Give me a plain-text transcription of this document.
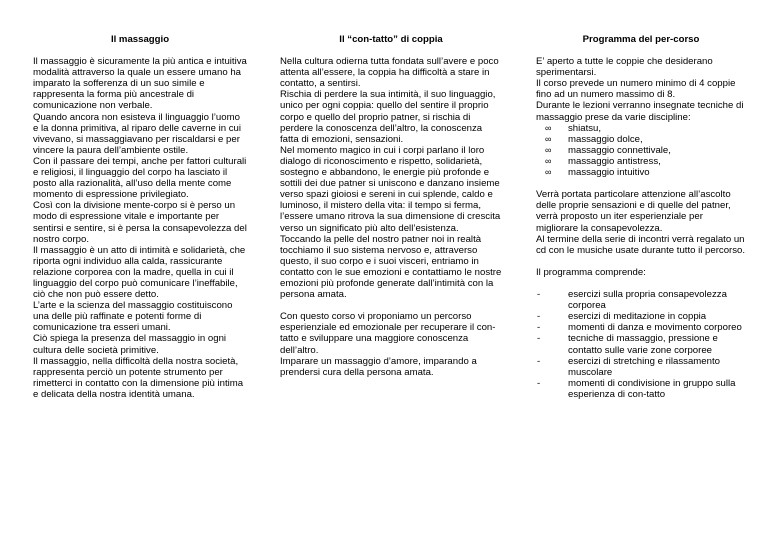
Il massaggio

Il massaggio è sicuramente la più antica e intuitiva modalità attraverso la quale un essere umano ha imparato la sofferenza di un suo simile e rappresenta la forma più ancestrale di comunicazione non verbale.
Quando ancora non esisteva il linguaggio l’uomo e la donna primitiva, al riparo delle caverne in cui vivevano, si massaggiavano per riscaldarsi e per vincere la paura dell’ambiente ostile.
Con il passare dei tempi, anche per fattori culturali e religiosi, il linguaggio del corpo ha lasciato il posto alla razionalità, all’uso della mente come momento di espressione privilegiato.
Così con la divisione mente-corpo si è perso un modo di espressione vitale e importante per sentirsi e sentire, si è persa la consapevolezza del nostro corpo.
Il massaggio è un atto di intimità e solidarietà, che riporta ogni individuo alla calda, rassicurante relazione corporea con la madre, quella in cui il linguaggio del corpo può comunicare l’ineffabile, ciò che non può essere detto.
L’arte e la scienza del massaggio costituiscono una delle più raffinate e potenti forme di comunicazione tra esseri umani.
Ciò spiega la presenza del massaggio in ogni cultura delle società primitive.
Il massaggio, nella difficoltà della nostra società, rappresenta perciò un potente strumento per rimetterci in contatto con la dimensione più intima e delicata della nostra identità umana.

Il “con-tatto” di coppia

Nella cultura odierna tutta fondata sull’avere e poco attenta all’essere, la coppia ha difficoltà a stare in contatto, a sentirsi.
Rischia di perdere la sua intimità, il suo linguaggio, unico per ogni coppia: quello del sentire il proprio corpo e quello del proprio patner, si rischia di perdere la conoscenza dell’altro, la conoscenza fatta di emozioni, sensazioni.
Nel momento magico in cui i corpi parlano il loro dialogo di riconoscimento e rispetto, solidarietà, sostegno e abbandono, le energie più profonde e sottili dei due patner si uniscono e danzano insieme verso spazi gioiosi e sereni in cui splende, caldo e luminoso, il mistero della vita: il tempo si ferma, l’essere umano ritrova la sua dimensione di crescita verso un significato più alto dell’esistenza.
Toccando la pelle del nostro patner noi in realtà tocchiamo il suo sistema nervoso e, attraverso questo, il suo corpo e i suoi visceri, entriamo in contatto con le sue emozioni e contattiamo le nostre emozioni più profonde generate dall’intimità con la persona amata.

Con questo corso vi proponiamo un percorso esperienziale ed emozionale per recuperare il con-tatto e sviluppare una maggiore conoscenza dell’altro.
Imparare un massaggio d’amore, imparando a prendersi cura della persona amata.

Programma del per-corso

E’ aperto a tutte le coppie che desiderano sperimentarsi.
Il corso prevede un numero minimo di 4 coppie fino ad un numero massimo di 8.
Durante le lezioni verranno insegnate tecniche di massaggio prese da varie discipline:

∞ shiatsu,
∞ massaggio dolce,
∞ massaggio connettivale,
∞ massaggio antistress,
∞ massaggio intuitivo

Verrà portata particolare attenzione all’ascolto delle proprie sensazioni e di quelle del patner, verrà proposto un iter esperienziale per migliorare la consapevolezza.
Al termine della serie di incontri verrà regalato un cd con le musiche usate durante tutto il percorso.

Il programma comprende:

-	esercizi sulla propria consapevolezza corporea
-	esercizi di meditazione in coppia
-	momenti di danza e movimento corporeo
-	tecniche di massaggio, pressione e contatto sulle varie zone corporee
-	esercizi di stretching e rilassamento muscolare
-	momenti di condivisione in gruppo sulla esperienza di con-tatto
